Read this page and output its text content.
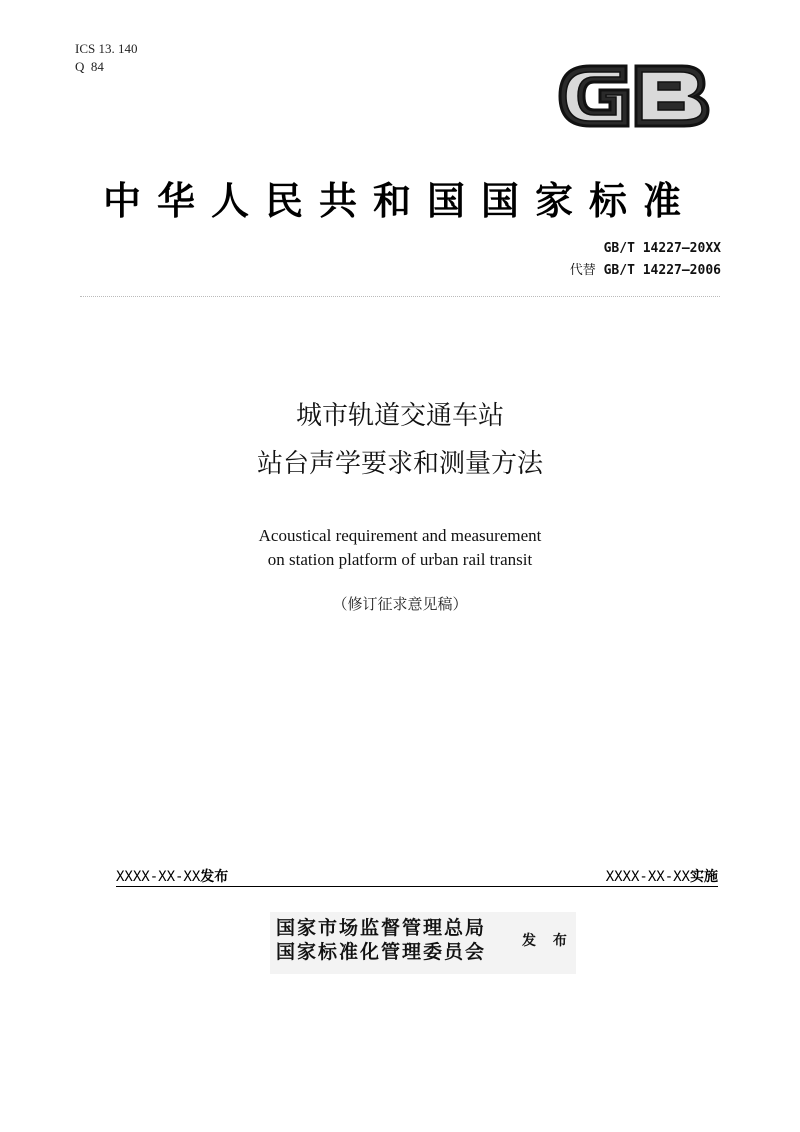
ICS 13. 140
Q  84
中华人民共和国国家标准
GB/T 14227—20XX
代替 GB/T 14227—2006
城市轨道交通车站
站台声学要求和测量方法
Acoustical requirement and measurement
on station platform of urban rail transit
（修订征求意见稿）
XXXX-XX-XX发布	XXXX-XX-XX实施
国家市场监督管理总局
国家标准化管理委员会	发 布
